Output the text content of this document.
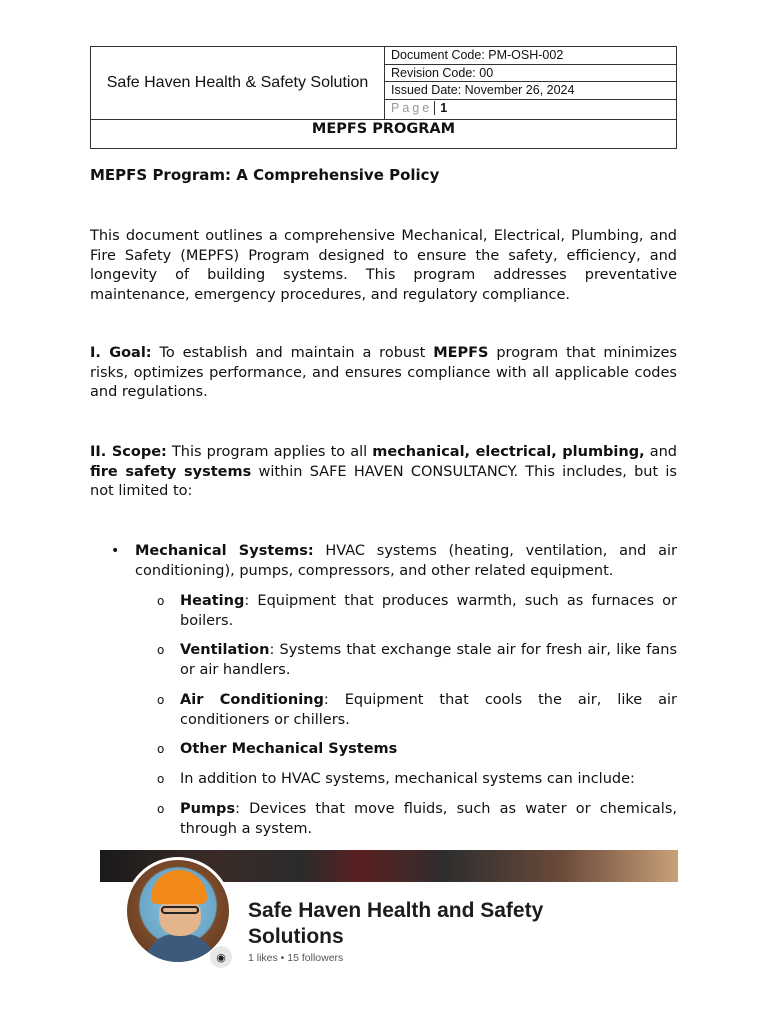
Safe Haven Health & Safety Solution
Document Code: PM-OSH-002
Revision Code: 00
Issued Date: November 26, 2024
Page 1
MEPFS PROGRAM
MEPFS Program: A Comprehensive Policy

This document outlines a comprehensive Mechanical, Electrical, Plumbing, and Fire Safety (MEPFS) Program designed to ensure the safety, efficiency, and longevity of building systems. This program addresses preventative maintenance, emergency procedures, and regulatory compliance.

I. Goal: To establish and maintain a robust MEPFS program that minimizes risks, optimizes performance, and ensures compliance with all applicable codes and regulations.

II. Scope: This program applies to all mechanical, electrical, plumbing, and fire safety systems within SAFE HAVEN CONSULTANCY. This includes, but is not limited to:

• Mechanical Systems: HVAC systems (heating, ventilation, and air conditioning), pumps, compressors, and other related equipment.
o Heating: Equipment that produces warmth, such as furnaces or boilers.
o Ventilation: Systems that exchange stale air for fresh air, like fans or air handlers.
o Air Conditioning: Equipment that cools the air, like air conditioners or chillers.
o Other Mechanical Systems
o In addition to HVAC systems, mechanical systems can include:
o Pumps: Devices that move fluids, such as water or chemicals, through a system.
◉
Safe Haven Health and Safety Solutions
1 likes • 15 followers
